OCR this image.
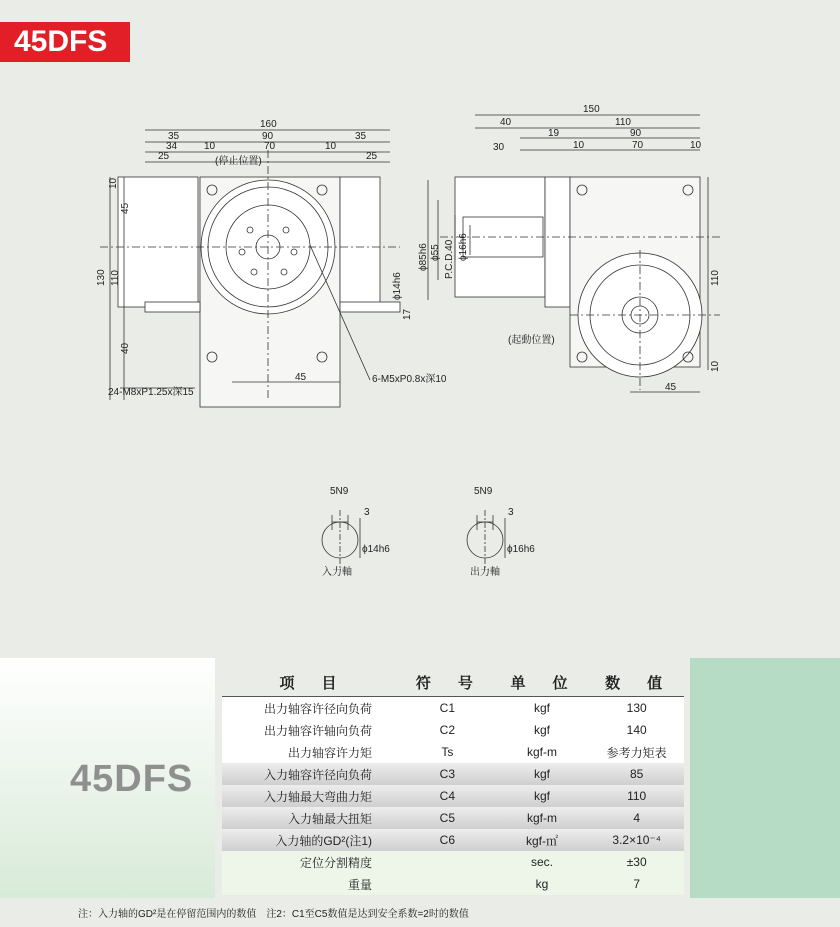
45DFS
160
35	90	35
34	70
10	10
25	25
10
45
130 110
40
45
(停止位置)
24-M8xP1.25x深15
6-M5xP0.8x深10
ϕ14h6
17
150
40	110
30
19	90
10	70	10
110
10
45
ϕ85h6 ϕ55 P.C.D.40 ϕ16h6
(起動位置)
5N9
3
ϕ14h6
入力軸
5N9
3
ϕ16h6
出力軸
45DFS
项　目	符　号	单　位	数　值
出力轴容许径向负荷	C1	kgf	130
出力轴容许轴向负荷	C2	kgf	140
出力轴容许力矩	Ts	kgf-m	参考力矩表
入力轴容许径向负荷	C3	kgf	85
入力轴最大弯曲力矩	C4	kgf	110
入力轴最大扭矩	C5	kgf-m	4
入力轴的GD²(注1)	C6	kgf-㎡	3.2×10⁻⁴
定位分割精度		sec.	±30
重量		kg	7
注：入力轴的GD²是在停留范围内的数值　注2：C1至C5数值是达到安全系数=2时的数值
